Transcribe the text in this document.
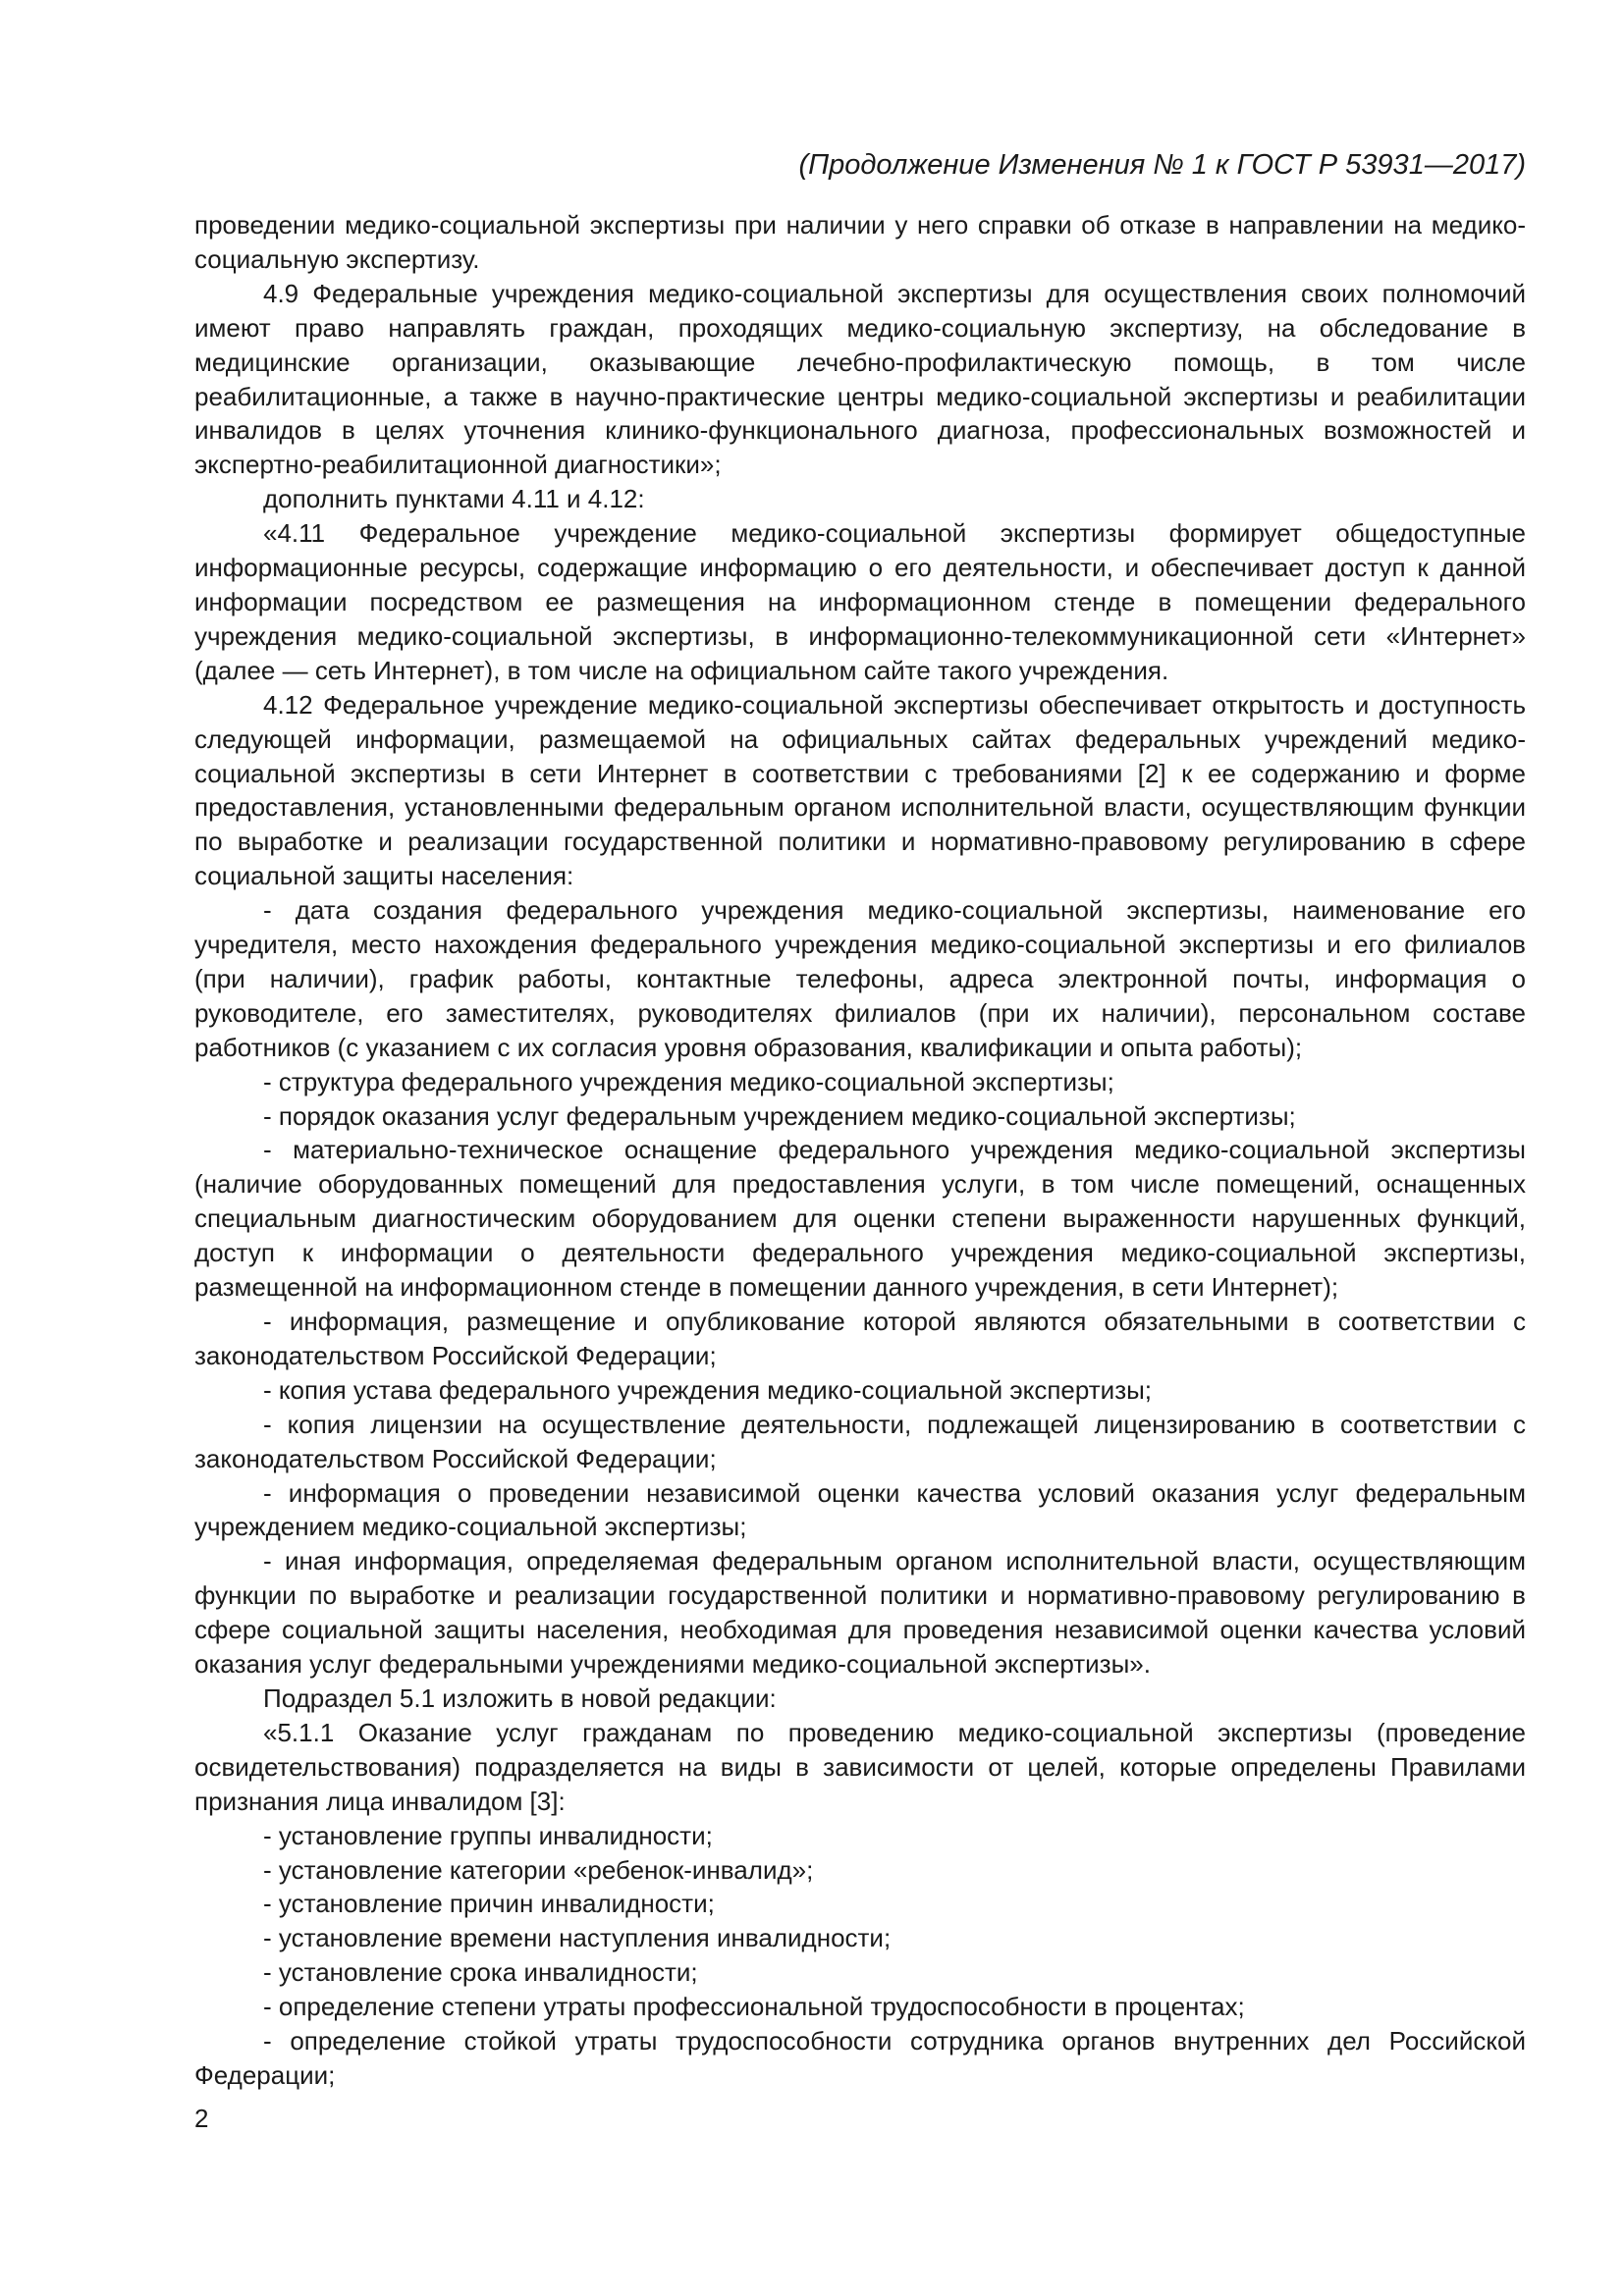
(Продолжение Изменения № 1 к ГОСТ Р 53931—2017)

проведении медико-социальной экспертизы при наличии у него справки об отказе в направлении на медико-социальную экспертизу.

4.9 Федеральные учреждения медико-социальной экспертизы для осуществления своих полномочий имеют право направлять граждан, проходящих медико-социальную экспертизу, на обследование в медицинские организации, оказывающие лечебно-профилактическую помощь, в том числе реабилитационные, а также в научно-практические центры медико-социальной экспертизы и реабилитации инвалидов в целях уточнения клинико-функционального диагноза, профессиональных возможностей и экспертно-реабилитационной диагностики»;

дополнить пунктами 4.11 и 4.12:

«4.11 Федеральное учреждение медико-социальной экспертизы формирует общедоступные информационные ресурсы, содержащие информацию о его деятельности, и обеспечивает доступ к данной информации посредством ее размещения на информационном стенде в помещении федерального учреждения медико-социальной экспертизы, в информационно-телекоммуникационной сети «Интернет» (далее — сеть Интернет), в том числе на официальном сайте такого учреждения.

4.12 Федеральное учреждение медико-социальной экспертизы обеспечивает открытость и доступность следующей информации, размещаемой на официальных сайтах федеральных учреждений медико-социальной экспертизы в сети Интернет в соответствии с требованиями [2] к ее содержанию и форме предоставления, установленными федеральным органом исполнительной власти, осуществляющим функции по выработке и реализации государственной политики и нормативно-правовому регулированию в сфере социальной защиты населения:

- дата создания федерального учреждения медико-социальной экспертизы, наименование его учредителя, место нахождения федерального учреждения медико-социальной экспертизы и его филиалов (при наличии), график работы, контактные телефоны, адреса электронной почты, информация о руководителе, его заместителях, руководителях филиалов (при их наличии), персональном составе работников (с указанием с их согласия уровня образования, квалификации и опыта работы);

- структура федерального учреждения медико-социальной экспертизы;

- порядок оказания услуг федеральным учреждением медико-социальной экспертизы;

- материально-техническое оснащение федерального учреждения медико-социальной экспертизы (наличие оборудованных помещений для предоставления услуги, в том числе помещений, оснащенных специальным диагностическим оборудованием для оценки степени выраженности нарушенных функций, доступ к информации о деятельности федерального учреждения медико-социальной экспертизы, размещенной на информационном стенде в помещении данного учреждения, в сети Интернет);

- информация, размещение и опубликование которой являются обязательными в соответствии с законодательством Российской Федерации;

- копия устава федерального учреждения медико-социальной экспертизы;

- копия лицензии на осуществление деятельности, подлежащей лицензированию в соответствии с законодательством Российской Федерации;

- информация о проведении независимой оценки качества условий оказания услуг федеральным учреждением медико-социальной экспертизы;

- иная информация, определяемая федеральным органом исполнительной власти, осуществляющим функции по выработке и реализации государственной политики и нормативно-правовому регулированию в сфере социальной защиты населения, необходимая для проведения независимой оценки качества условий оказания услуг федеральными учреждениями медико-социальной экспертизы».

Подраздел 5.1 изложить в новой редакции:

«5.1.1 Оказание услуг гражданам по проведению медико-социальной экспертизы (проведение освидетельствования) подразделяется на виды в зависимости от целей, которые определены Правилами признания лица инвалидом [3]:

- установление группы инвалидности;

- установление категории «ребенок-инвалид»;

- установление причин инвалидности;

- установление времени наступления инвалидности;

- установление срока инвалидности;

- определение степени утраты профессиональной трудоспособности в процентах;

- определение стойкой утраты трудоспособности сотрудника органов внутренних дел Российской Федерации;

2
